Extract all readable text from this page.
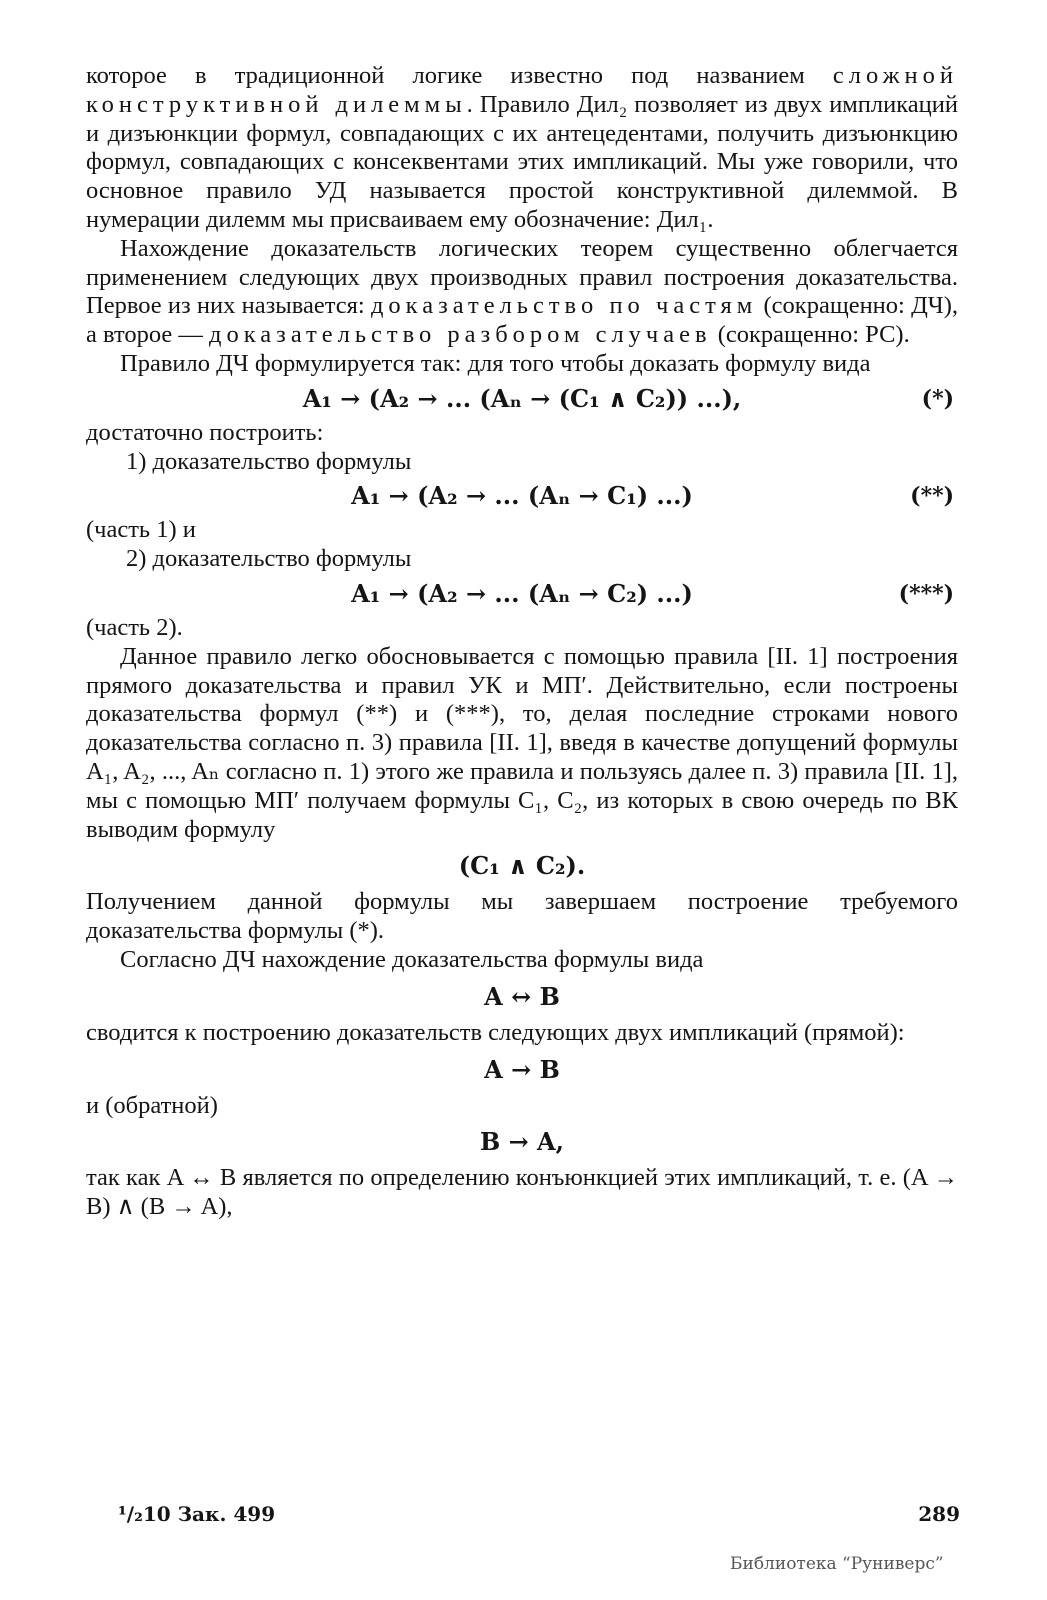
которое в традиционной логике известно под названием сложной конструктивной дилеммы. Правило Дил₂ позволяет из двух импликаций и дизъюнкции формул, совпадающих с их антецедентами, получить дизъюнкцию формул, совпадающих с консеквентами этих импликаций. Мы уже говорили, что основное правило УД называется простой конструктивной дилеммой. В нумерации дилемм мы присваиваем ему обозначение: Дил₁.

Нахождение доказательств логических теорем существенно облегчается применением следующих двух производных правил построения доказательства. Первое из них называется: доказательство по частям (сокращенно: ДЧ), а второе — доказательство разбором случаев (сокращенно: РС).

Правило ДЧ формулируется так: для того чтобы доказать формулу вида

A₁ → (A₂ → ... (Aₙ → (C₁ ∧ C₂)) ...),	(*)

достаточно построить:

1) доказательство формулы

A₁ → (A₂ → ... (Aₙ → C₁) ...)	(**)

(часть 1) и

2) доказательство формулы

A₁ → (A₂ → ... (Aₙ → C₂) ...)	(***)

(часть 2).

Данное правило легко обосновывается с помощью правила [II. 1] построения прямого доказательства и правил УК и МП′. Действительно, если построены доказательства формул (**) и (***), то, делая последние строками нового доказательства согласно п. 3) правила [II. 1], введя в качестве допущений формулы A₁, A₂, ..., Aₙ согласно п. 1) этого же правила и пользуясь далее п. 3) правила [II. 1], мы с помощью МП′ получаем формулы C₁, C₂, из которых в свою очередь по ВК выводим формулу

(C₁ ∧ C₂).

Получением данной формулы мы завершаем построение требуемого доказательства формулы (*).

Согласно ДЧ нахождение доказательства формулы вида

A ↔ B

сводится к построению доказательств следующих двух импликаций (прямой):

A → B

и (обратной)

B → A,

так как A ↔ B является по определению конъюнкцией этих импликаций, т. е. (A → B) ∧ (B → A),

¹/₂10 Зак. 499	289
Библиотека “Руниверс”
